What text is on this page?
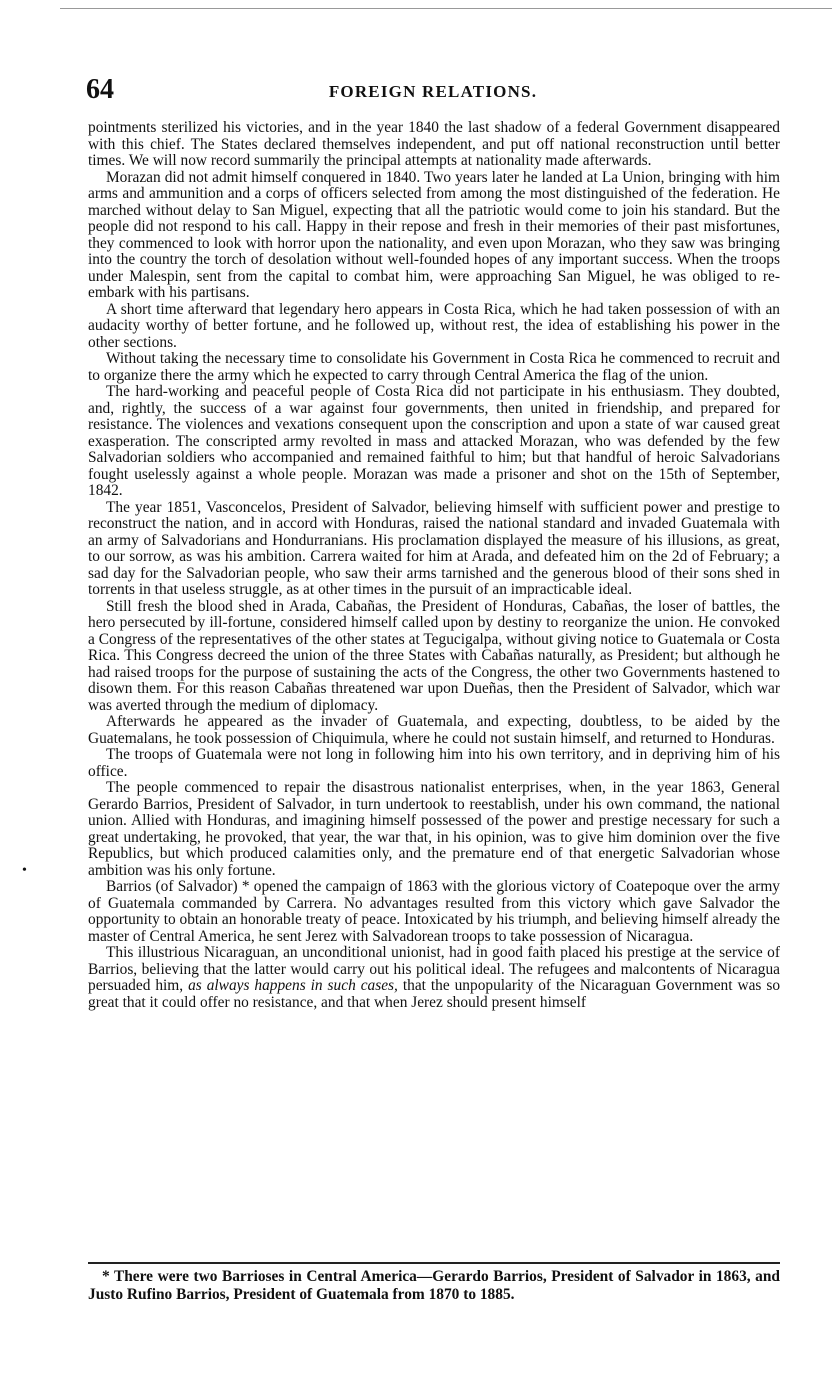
64	FOREIGN RELATIONS.
•

pointments sterilized his victories, and in the year 1840 the last shadow of a federal Government disappeared with this chief. The States declared themselves independent, and put off national reconstruction until better times. We will now record summarily the principal attempts at nationality made afterwards.

Morazan did not admit himself conquered in 1840. Two years later he landed at La Union, bringing with him arms and ammunition and a corps of officers selected from among the most distinguished of the federation. He marched without delay to San Miguel, expecting that all the patriotic would come to join his standard. But the people did not respond to his call. Happy in their repose and fresh in their memories of their past misfortunes, they commenced to look with horror upon the nationality, and even upon Morazan, who they saw was bringing into the country the torch of desolation without well-founded hopes of any important success. When the troops under Malespin, sent from the capital to combat him, were approaching San Miguel, he was obliged to re-embark with his partisans.

A short time afterward that legendary hero appears in Costa Rica, which he had taken possession of with an audacity worthy of better fortune, and he followed up, without rest, the idea of establishing his power in the other sections.

Without taking the necessary time to consolidate his Government in Costa Rica he commenced to recruit and to organize there the army which he expected to carry through Central America the flag of the union.

The hard-working and peaceful people of Costa Rica did not participate in his enthusiasm. They doubted, and, rightly, the success of a war against four governments, then united in friendship, and prepared for resistance. The violences and vexations consequent upon the conscription and upon a state of war caused great exasperation. The conscripted army revolted in mass and attacked Morazan, who was defended by the few Salvadorian soldiers who accompanied and remained faithful to him; but that handful of heroic Salvadorians fought uselessly against a whole people. Morazan was made a prisoner and shot on the 15th of September, 1842.

The year 1851, Vasconcelos, President of Salvador, believing himself with sufficient power and prestige to reconstruct the nation, and in accord with Honduras, raised the national standard and invaded Guatemala with an army of Salvadorians and Hondurranians. His proclamation displayed the measure of his illusions, as great, to our sorrow, as was his ambition. Carrera waited for him at Arada, and defeated him on the 2d of February; a sad day for the Salvadorian people, who saw their arms tarnished and the generous blood of their sons shed in torrents in that useless struggle, as at other times in the pursuit of an impracticable ideal.

Still fresh the blood shed in Arada, Cabañas, the President of Honduras, Cabañas, the loser of battles, the hero persecuted by ill-fortune, considered himself called upon by destiny to reorganize the union. He convoked a Congress of the representatives of the other states at Tegucigalpa, without giving notice to Guatemala or Costa Rica. This Congress decreed the union of the three States with Cabañas naturally, as President; but although he had raised troops for the purpose of sustaining the acts of the Congress, the other two Governments hastened to disown them. For this reason Cabañas threatened war upon Dueñas, then the President of Salvador, which war was averted through the medium of diplomacy.

Afterwards he appeared as the invader of Guatemala, and expecting, doubtless, to be aided by the Guatemalans, he took possession of Chiquimula, where he could not sustain himself, and returned to Honduras.

The troops of Guatemala were not long in following him into his own territory, and in depriving him of his office.

The people commenced to repair the disastrous nationalist enterprises, when, in the year 1863, General Gerardo Barrios, President of Salvador, in turn undertook to reestablish, under his own command, the national union. Allied with Honduras, and imagining himself possessed of the power and prestige necessary for such a great undertaking, he provoked, that year, the war that, in his opinion, was to give him dominion over the five Republics, but which produced calamities only, and the premature end of that energetic Salvadorian whose ambition was his only fortune.

Barrios (of Salvador) * opened the campaign of 1863 with the glorious victory of Coatepoque over the army of Guatemala commanded by Carrera. No advantages resulted from this victory which gave Salvador the opportunity to obtain an honorable treaty of peace. Intoxicated by his triumph, and believing himself already the master of Central America, he sent Jerez with Salvadorean troops to take possession of Nicaragua.

This illustrious Nicaraguan, an unconditional unionist, had in good faith placed his prestige at the service of Barrios, believing that the latter would carry out his political ideal. The refugees and malcontents of Nicaragua persuaded him, as always happens in such cases, that the unpopularity of the Nicaraguan Government was so great that it could offer no resistance, and that when Jerez should present himself

* There were two Barrioses in Central America—Gerardo Barrios, President of Salvador in 1863, and Justo Rufino Barrios, President of Guatemala from 1870 to 1885.
